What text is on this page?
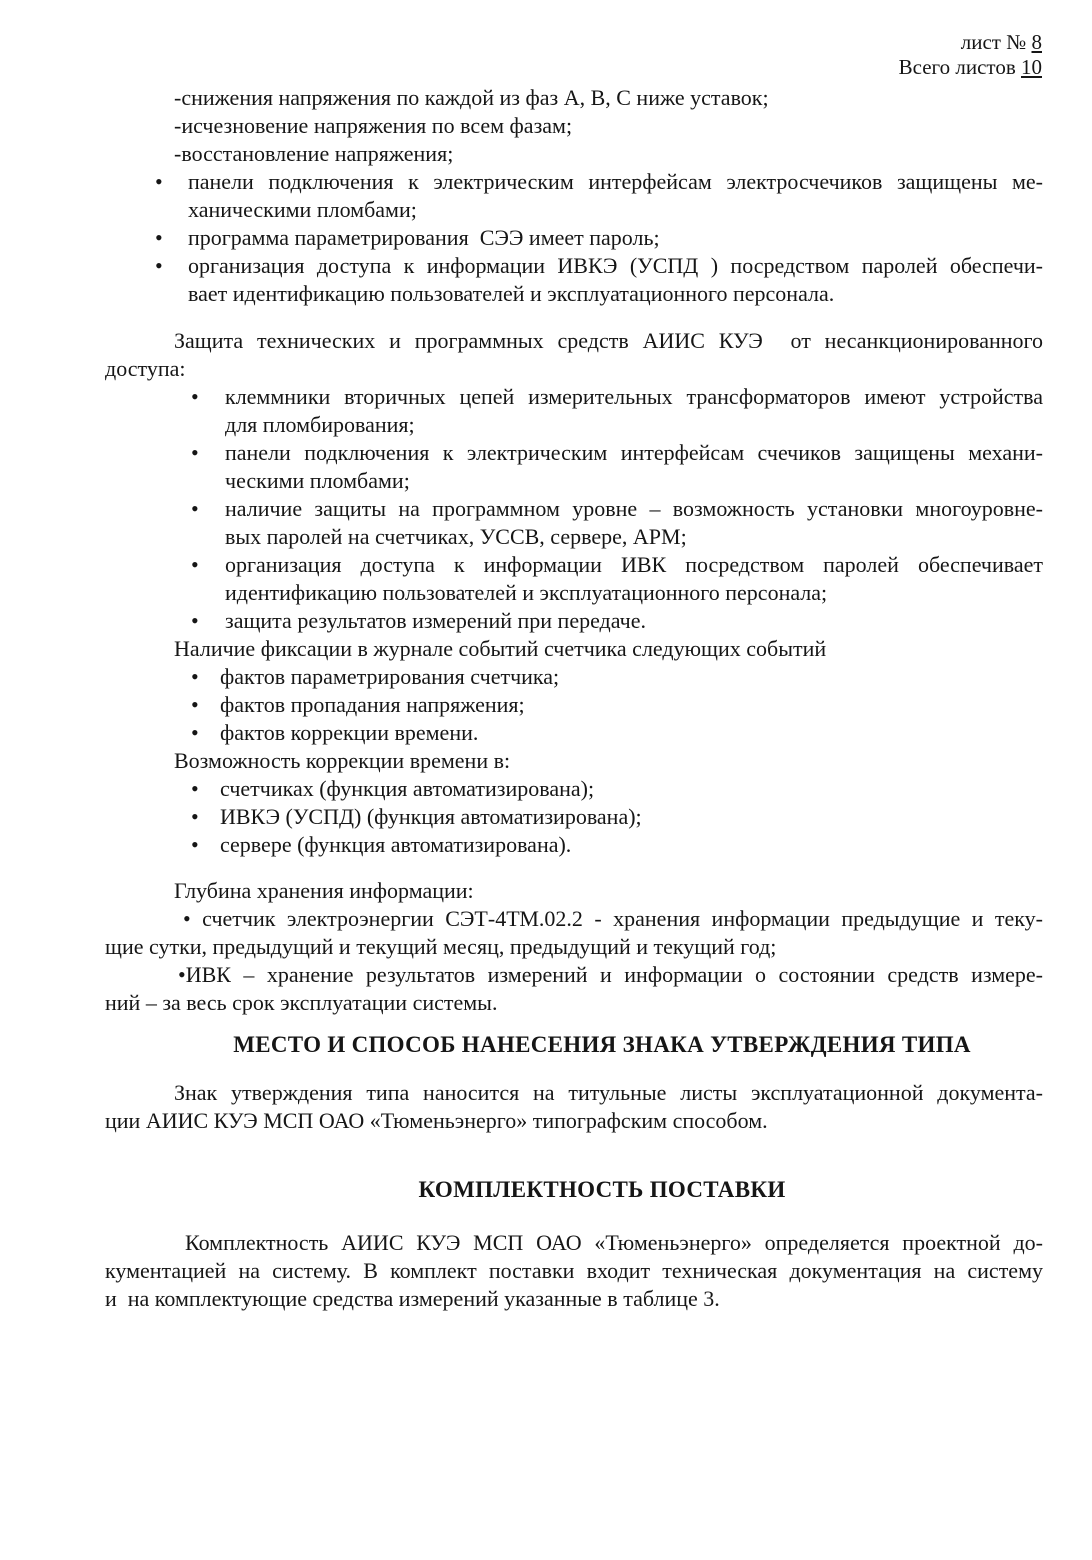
лист № 8
Всего листов 10
-снижения напряжения по каждой из фаз А, В, С ниже уставок;
-исчезновение напряжения по всем фазам;
-восстановление напряжения;
• панели подключения к электрическим интерфейсам электросчечиков защищены ме-
ханическими пломбами;
• программа параметрирования  СЭЭ имеет пароль;
• организация доступа к информации ИВКЭ (УСПД ) посредством паролей обеспечи-
вает идентификацию пользователей и эксплуатационного персонала.
Защита технических и программных средств АИИС КУЭ  от несанкционированного
доступа:
• клеммники вторичных цепей измерительных трансформаторов имеют устройства
для пломбирования;
• панели подключения к электрическим интерфейсам счечиков защищены механи-
ческими пломбами;
• наличие защиты на программном уровне – возможность установки многоуровне-
вых паролей на счетчиках, УССВ, сервере, АРМ;
• организация доступа к информации ИВК посредством паролей обеспечивает
идентификацию пользователей и эксплуатационного персонала;
• защита результатов измерений при передаче.
Наличие фиксации в журнале событий счетчика следующих событий
• фактов параметрирования счетчика;
• фактов пропадания напряжения;
• фактов коррекции времени.
Возможность коррекции времени в:
• счетчиках (функция автоматизирована);
• ИВКЭ (УСПД) (функция автоматизирована);
• сервере (функция автоматизирована).
Глубина хранения информации:
• счетчик электроэнергии СЭТ-4ТМ.02.2 - хранения информации предыдущие и теку-
щие сутки, предыдущий и текущий месяц, предыдущий и текущий год;
•ИВК – хранение результатов измерений и информации о состоянии средств измере-
ний – за весь срок эксплуатации системы.
МЕСТО И СПОСОБ НАНЕСЕНИЯ ЗНАКА УТВЕРЖДЕНИЯ ТИПА
Знак утверждения типа наносится на титульные листы эксплуатационной документа-
ции АИИС КУЭ МСП ОАО «Тюменьэнерго» типографским способом.
КОМПЛЕКТНОСТЬ ПОСТАВКИ
Комплектность АИИС КУЭ МСП ОАО «Тюменьэнерго» определяется проектной до-
кументацией на систему. В комплект поставки входит техническая документация на систему
и  на комплектующие средства измерений указанные в таблице 3.
